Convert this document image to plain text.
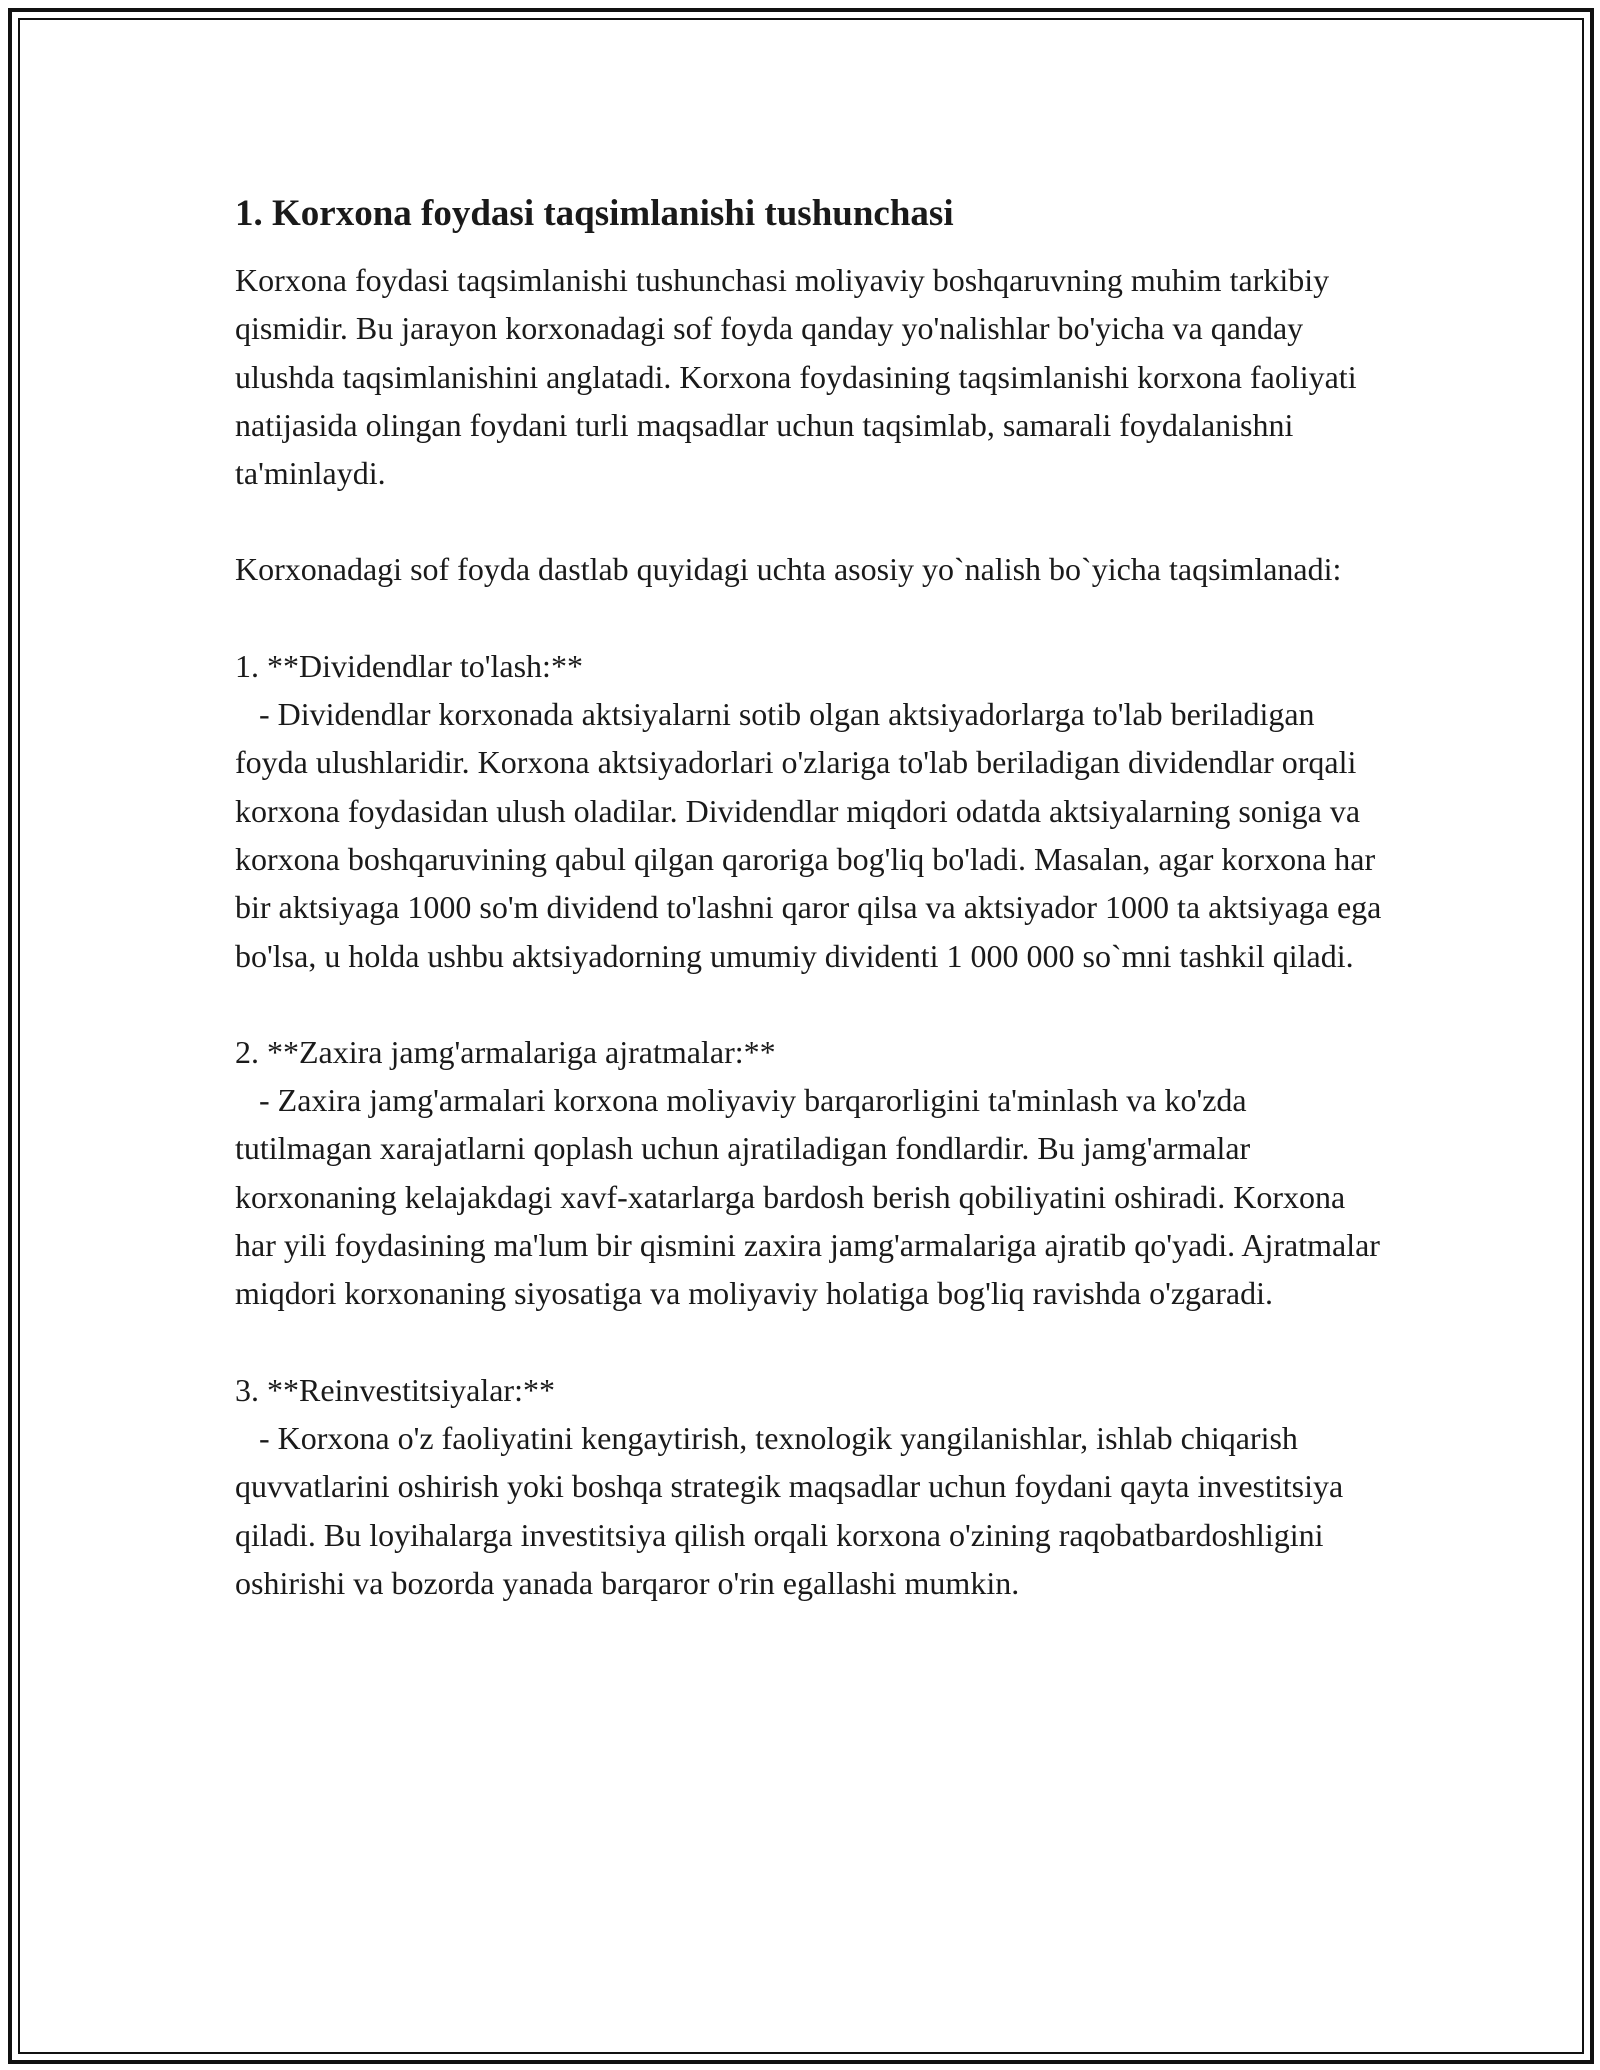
1. Korxona foydasi taqsimlanishi tushunchasi

Korxona foydasi taqsimlanishi tushunchasi moliyaviy boshqaruvning muhim tarkibiy qismidir. Bu jarayon korxonadagi sof foyda qanday yo'nalishlar bo'yicha va qanday ulushda taqsimlanishini anglatadi. Korxona foydasining taqsimlanishi korxona faoliyati natijasida olingan foydani turli maqsadlar uchun taqsimlab, samarali foydalanishni ta'minlaydi.

Korxonadagi sof foyda dastlab quyidagi uchta asosiy yo`nalish bo`yicha taqsimlanadi:

1. **Dividendlar to'lash:**

- Dividendlar korxonada aktsiyalarni sotib olgan aktsiyadorlarga to'lab beriladigan foyda ulushlaridir. Korxona aktsiyadorlari o'zlariga to'lab beriladigan dividendlar orqali korxona foydasidan ulush oladilar. Dividendlar miqdori odatda aktsiyalarning soniga va korxona boshqaruvining qabul qilgan qaroriga bog'liq bo'ladi. Masalan, agar korxona har bir aktsiyaga 1000 so'm dividend to'lashni qaror qilsa va aktsiyador 1000 ta aktsiyaga ega bo'lsa, u holda ushbu aktsiyadorning umumiy dividenti 1 000 000 so`mni tashkil qiladi.

2. **Zaxira jamg'armalariga ajratmalar:**

- Zaxira jamg'armalari korxona moliyaviy barqarorligini ta'minlash va ko'zda tutilmagan xarajatlarni qoplash uchun ajratiladigan fondlardir. Bu jamg'armalar korxonaning kelajakdagi xavf-xatarlarga bardosh berish qobiliyatini oshiradi. Korxona har yili foydasining ma'lum bir qismini zaxira jamg'armalariga ajratib qo'yadi. Ajratmalar miqdori korxonaning siyosatiga va moliyaviy holatiga bog'liq ravishda o'zgaradi.

3. **Reinvestitsiyalar:**

- Korxona o'z faoliyatini kengaytirish, texnologik yangilanishlar, ishlab chiqarish quvvatlarini oshirish yoki boshqa strategik maqsadlar uchun foydani qayta investitsiya qiladi. Bu loyihalarga investitsiya qilish orqali korxona o'zining raqobatbardoshligini oshirishi va bozorda yanada barqaror o'rin egallashi mumkin.
